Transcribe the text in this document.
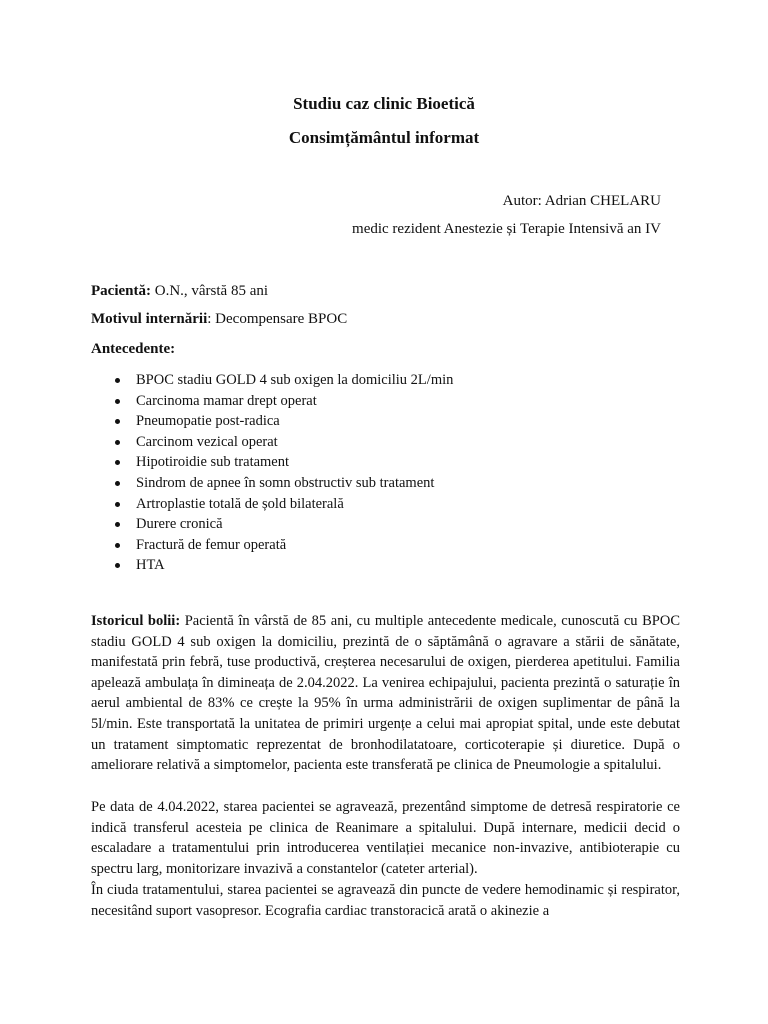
Studiu caz clinic Bioetică
Consimțământul informat

Autor: Adrian CHELARU

medic rezident Anestezie și Terapie Intensivă an IV

Pacientă: O.N., vârstă 85 ani

Motivul internării: Decompensare BPOC

Antecedente:

BPOC stadiu GOLD 4 sub oxigen la domiciliu 2L/min
Carcinoma mamar drept operat
Pneumopatie post-radica
Carcinom vezical operat
Hipotiroidie sub tratament
Sindrom de apnee în somn obstructiv sub tratament
Artroplastie totală de șold bilaterală
Durere cronică
Fractură de femur operată
HTA

Istoricul bolii: Pacientă în vârstă de 85 ani, cu multiple antecedente medicale, cunoscută cu BPOC stadiu GOLD 4 sub oxigen la domiciliu, prezintă de o săptămână o agravare a stării de sănătate, manifestată prin febră, tuse productivă, creșterea necesarului de oxigen, pierderea apetitului. Familia apelează ambulața în dimineața de 2.04.2022. La venirea echipajului, pacienta prezintă o saturație în aerul ambiental de 83% ce crește la 95% în urma administrării de oxigen suplimentar de până la 5l/min. Este transportată la unitatea de primiri urgențe a celui mai apropiat spital, unde este debutat un tratament simptomatic reprezentat de bronhodilatatoare, corticoterapie și diuretice. După o ameliorare relativă a simptomelor, pacienta este transferată pe clinica de Pneumologie a spitalului.

Pe data de 4.04.2022, starea pacientei se agravează, prezentând simptome de detresă respiratorie ce indică transferul acesteia pe clinica de Reanimare a spitalului. După internare, medicii decid o escaladare a tratamentului prin introducerea ventilației mecanice non-invazive, antibioterapie cu spectru larg, monitorizare invazivă a constantelor (cateter arterial).

În ciuda tratamentului, starea pacientei se agravează din puncte de vedere hemodinamic și respirator, necesitând suport vasopresor. Ecografia cardiac transtoracică arată o akinezie a
